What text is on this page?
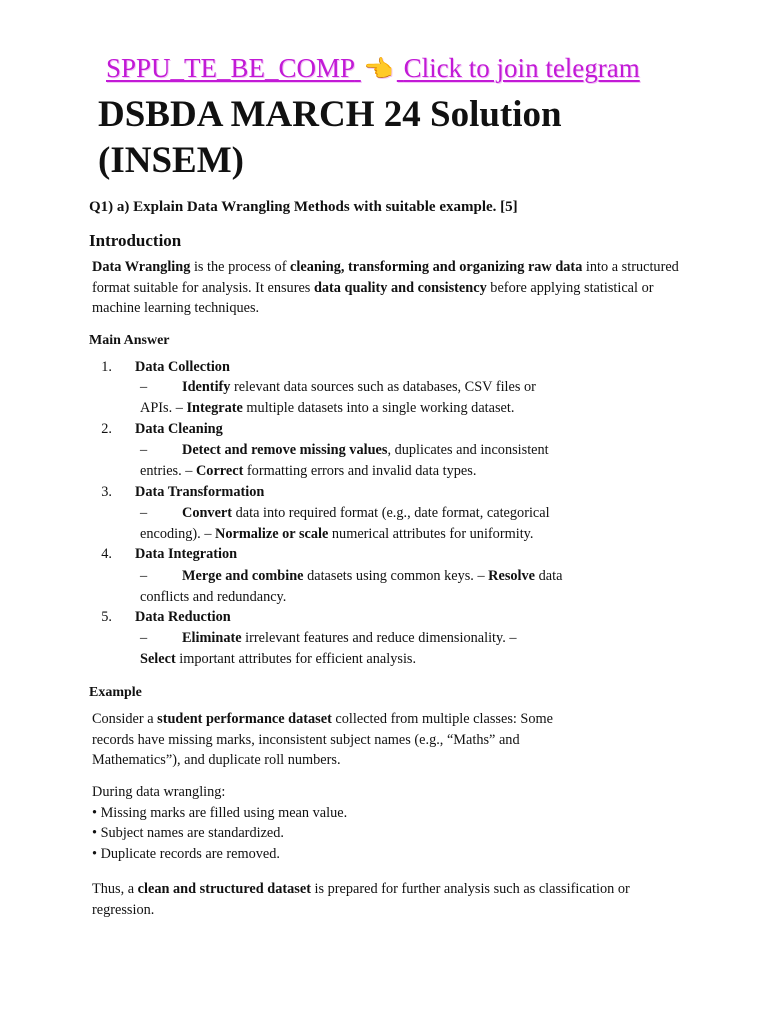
SPPU_TE_BE_COMP 👈 Click to join telegram
DSBDA MARCH 24 Solution
(INSEM)
Q1) a) Explain Data Wrangling Methods with suitable example. [5]
Introduction
Data Wrangling is the process of cleaning, transforming and organizing raw data into a structured format suitable for analysis. It ensures data quality and consistency before applying statistical or machine learning techniques.
Main Answer
1. Data Collection
– Identify relevant data sources such as databases, CSV files or APIs. – Integrate multiple datasets into a single working dataset.
2. Data Cleaning
– Detect and remove missing values, duplicates and inconsistent entries. – Correct formatting errors and invalid data types.
3. Data Transformation
– Convert data into required format (e.g., date format, categorical encoding). – Normalize or scale numerical attributes for uniformity.
4. Data Integration
– Merge and combine datasets using common keys. – Resolve data conflicts and redundancy.
5. Data Reduction
– Eliminate irrelevant features and reduce dimensionality. – Select important attributes for efficient analysis.
Example
Consider a student performance dataset collected from multiple classes: Some records have missing marks, inconsistent subject names (e.g., “Maths” and Mathematics”), and duplicate roll numbers.
During data wrangling:
• Missing marks are filled using mean value.
• Subject names are standardized.
• Duplicate records are removed.
Thus, a clean and structured dataset is prepared for further analysis such as classification or regression.
